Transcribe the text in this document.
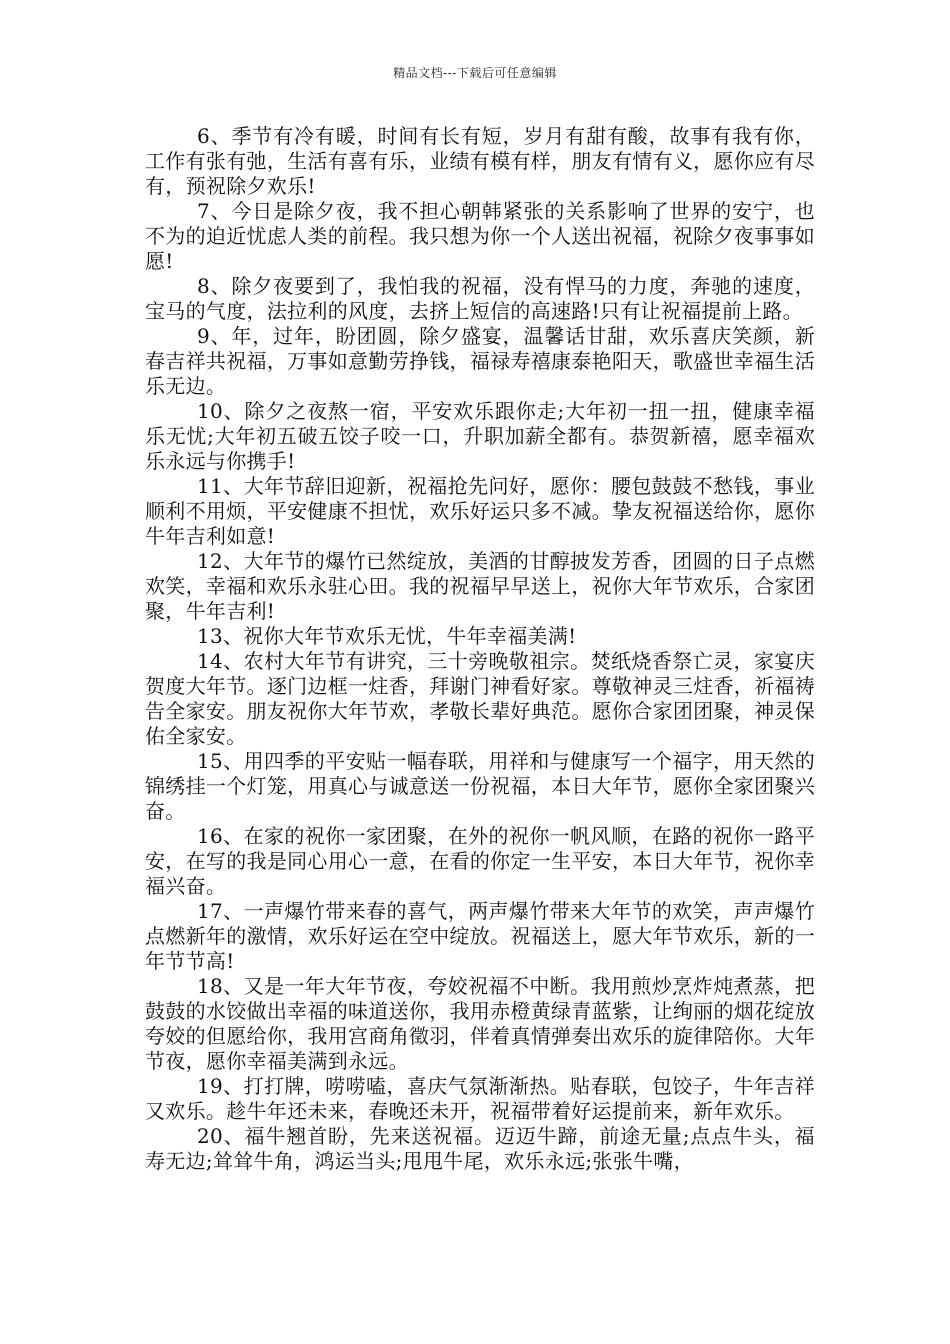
精品文档---下载后可任意编辑

6、季节有冷有暖，时间有长有短，岁月有甜有酸，故事有我有你，工作有张有弛，生活有喜有乐，业绩有模有样，朋友有情有义，愿你应有尽有，预祝除夕欢乐!

7、今日是除夕夜，我不担心朝韩紧张的关系影响了世界的安宁，也不为的迫近忧虑人类的前程。我只想为你一个人送出祝福，祝除夕夜事事如愿!

8、除夕夜要到了，我怕我的祝福，没有悍马的力度，奔驰的速度，宝马的气度，法拉利的风度，去挤上短信的高速路!只有让祝福提前上路。

9、年，过年，盼团圆，除夕盛宴，温馨话甘甜，欢乐喜庆笑颜，新春吉祥共祝福，万事如意勤劳挣钱，福禄寿禧康泰艳阳天，歌盛世幸福生活乐无边。

10、除夕之夜熬一宿，平安欢乐跟你走;大年初一扭一扭，健康幸福乐无忧;大年初五破五饺子咬一口，升职加薪全都有。恭贺新禧，愿幸福欢乐永远与你携手!

11、大年节辞旧迎新，祝福抢先问好，愿你：腰包鼓鼓不愁钱，事业顺利不用烦，平安健康不担忧，欢乐好运只多不减。挚友祝福送给你，愿你牛年吉利如意!

12、大年节的爆竹已然绽放，美酒的甘醇披发芳香，团圆的日子点燃欢笑，幸福和欢乐永驻心田。我的祝福早早送上，祝你大年节欢乐，合家团聚，牛年吉利!

13、祝你大年节欢乐无忧，牛年幸福美满!

14、农村大年节有讲究，三十旁晚敬祖宗。焚纸烧香祭亡灵，家宴庆贺度大年节。逐门边框一炷香，拜谢门神看好家。尊敬神灵三炷香，祈福祷告全家安。朋友祝你大年节欢，孝敬长辈好典范。愿你合家团团聚，神灵保佑全家安。

15、用四季的平安贴一幅春联，用祥和与健康写一个福字，用天然的锦绣挂一个灯笼，用真心与诚意送一份祝福，本日大年节，愿你全家团聚兴奋。

16、在家的祝你一家团聚，在外的祝你一帆风顺，在路的祝你一路平安，在写的我是同心用心一意，在看的你定一生平安，本日大年节，祝你幸福兴奋。

17、一声爆竹带来春的喜气，两声爆竹带来大年节的欢笑，声声爆竹点燃新年的激情，欢乐好运在空中绽放。祝福送上，愿大年节欢乐，新的一年节节高!

18、又是一年大年节夜，夸姣祝福不中断。我用煎炒烹炸炖煮蒸，把鼓鼓的水饺做出幸福的味道送你，我用赤橙黄绿青蓝紫，让绚丽的烟花绽放夸姣的但愿给你，我用宫商角徵羽，伴着真情弹奏出欢乐的旋律陪你。大年节夜，愿你幸福美满到永远。

19、打打牌，唠唠嗑，喜庆气氛渐渐热。贴春联，包饺子，牛年吉祥又欢乐。趁牛年还未来，春晚还未开，祝福带着好运提前来，新年欢乐。

20、福牛翘首盼，先来送祝福。迈迈牛蹄，前途无量;点点牛头，福寿无边;耸耸牛角，鸿运当头;甩甩牛尾，欢乐永远;张张牛嘴，
